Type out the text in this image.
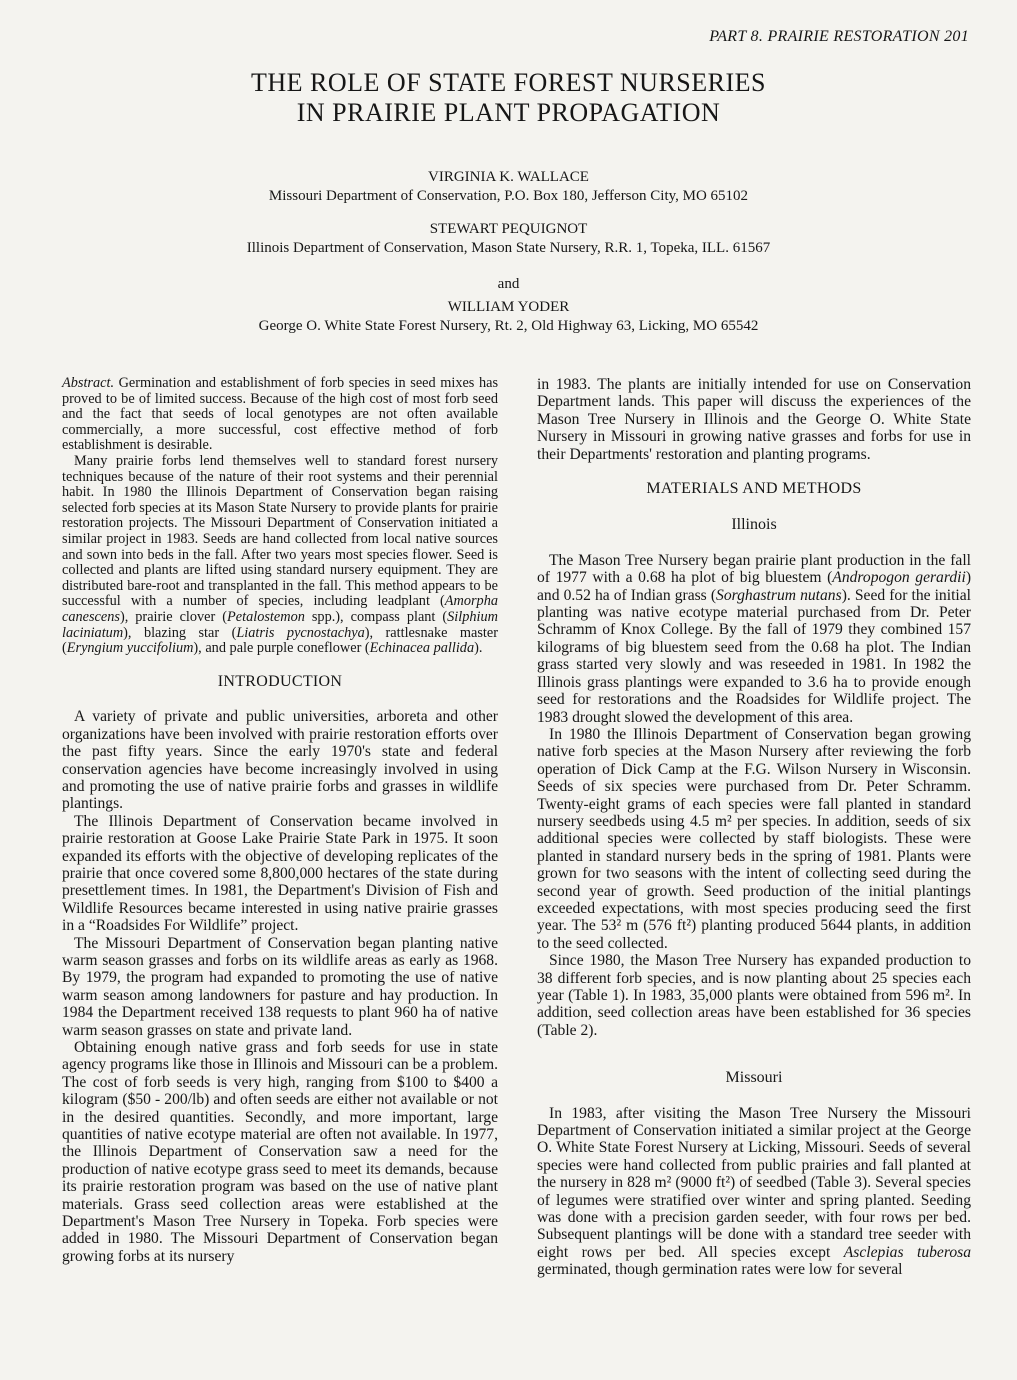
PART 8. PRAIRIE RESTORATION 201
THE ROLE OF STATE FOREST NURSERIES
IN PRAIRIE PLANT PROPAGATION
VIRGINIA K. WALLACE
Missouri Department of Conservation, P.O. Box 180, Jefferson City, MO 65102
STEWART PEQUIGNOT
Illinois Department of Conservation, Mason State Nursery, R.R. 1, Topeka, ILL. 61567
and
WILLIAM YODER
George O. White State Forest Nursery, Rt. 2, Old Highway 63, Licking, MO 65542

Abstract. Germination and establishment of forb species in seed mixes has proved to be of limited success. Because of the high cost of most forb seed and the fact that seeds of local genotypes are not often available commercially, a more successful, cost effective method of forb establishment is desirable.

Many prairie forbs lend themselves well to standard forest nursery techniques because of the nature of their root systems and their perennial habit. In 1980 the Illinois Department of Conservation began raising selected forb species at its Mason State Nursery to provide plants for prairie restoration projects. The Missouri Department of Conservation initiated a similar project in 1983. Seeds are hand collected from local native sources and sown into beds in the fall. After two years most species flower. Seed is collected and plants are lifted using standard nursery equipment. They are distributed bare-root and transplanted in the fall. This method appears to be successful with a number of species, including leadplant (Amorpha canescens), prairie clover (Petalostemon spp.), compass plant (Silphium laciniatum), blazing star (Liatris pycnostachya), rattlesnake master (Eryngium yuccifolium), and pale purple coneflower (Echinacea pallida).

INTRODUCTION

A variety of private and public universities, arboreta and other organizations have been involved with prairie restoration efforts over the past fifty years. Since the early 1970's state and federal conservation agencies have become increasingly involved in using and promoting the use of native prairie forbs and grasses in wildlife plantings.

The Illinois Department of Conservation became involved in prairie restoration at Goose Lake Prairie State Park in 1975. It soon expanded its efforts with the objective of developing replicates of the prairie that once covered some 8,800,000 hectares of the state during presettlement times. In 1981, the Department's Division of Fish and Wildlife Resources became interested in using native prairie grasses in a “Roadsides For Wildlife” project.

The Missouri Department of Conservation began planting native warm season grasses and forbs on its wildlife areas as early as 1968. By 1979, the program had expanded to promoting the use of native warm season among landowners for pasture and hay production. In 1984 the Department received 138 requests to plant 960 ha of native warm season grasses on state and private land.

Obtaining enough native grass and forb seeds for use in state agency programs like those in Illinois and Missouri can be a problem. The cost of forb seeds is very high, ranging from $100 to $400 a kilogram ($50 - 200/lb) and often seeds are either not available or not in the desired quantities. Secondly, and more important, large quantities of native ecotype material are often not available. In 1977, the Illinois Department of Conservation saw a need for the production of native ecotype grass seed to meet its demands, because its prairie restoration program was based on the use of native plant materials. Grass seed collection areas were established at the Department's Mason Tree Nursery in Topeka. Forb species were added in 1980. The Missouri Department of Conservation began growing forbs at its nursery

in 1983. The plants are initially intended for use on Conservation Department lands. This paper will discuss the experiences of the Mason Tree Nursery in Illinois and the George O. White State Nursery in Missouri in growing native grasses and forbs for use in their Departments' restoration and planting programs.

MATERIALS AND METHODS
Illinois

The Mason Tree Nursery began prairie plant production in the fall of 1977 with a 0.68 ha plot of big bluestem (Andropogon gerardii) and 0.52 ha of Indian grass (Sorghastrum nutans). Seed for the initial planting was native ecotype material purchased from Dr. Peter Schramm of Knox College. By the fall of 1979 they combined 157 kilograms of big bluestem seed from the 0.68 ha plot. The Indian grass started very slowly and was reseeded in 1981. In 1982 the Illinois grass plantings were expanded to 3.6 ha to provide enough seed for restorations and the Roadsides for Wildlife project. The 1983 drought slowed the development of this area.

In 1980 the Illinois Department of Conservation began growing native forb species at the Mason Nursery after reviewing the forb operation of Dick Camp at the F.G. Wilson Nursery in Wisconsin. Seeds of six species were purchased from Dr. Peter Schramm. Twenty-eight grams of each species were fall planted in standard nursery seedbeds using 4.5 m² per species. In addition, seeds of six additional species were collected by staff biologists. These were planted in standard nursery beds in the spring of 1981. Plants were grown for two seasons with the intent of collecting seed during the second year of growth. Seed production of the initial plantings exceeded expectations, with most species producing seed the first year. The 53² m (576 ft²) planting produced 5644 plants, in addition to the seed collected.

Since 1980, the Mason Tree Nursery has expanded production to 38 different forb species, and is now planting about 25 species each year (Table 1). In 1983, 35,000 plants were obtained from 596 m². In addition, seed collection areas have been established for 36 species (Table 2).

Missouri

In 1983, after visiting the Mason Tree Nursery the Missouri Department of Conservation initiated a similar project at the George O. White State Forest Nursery at Licking, Missouri. Seeds of several species were hand collected from public prairies and fall planted at the nursery in 828 m² (9000 ft²) of seedbed (Table 3). Several species of legumes were stratified over winter and spring planted. Seeding was done with a precision garden seeder, with four rows per bed. Subsequent plantings will be done with a standard tree seeder with eight rows per bed. All species except Asclepias tuberosa germinated, though germination rates were low for several
